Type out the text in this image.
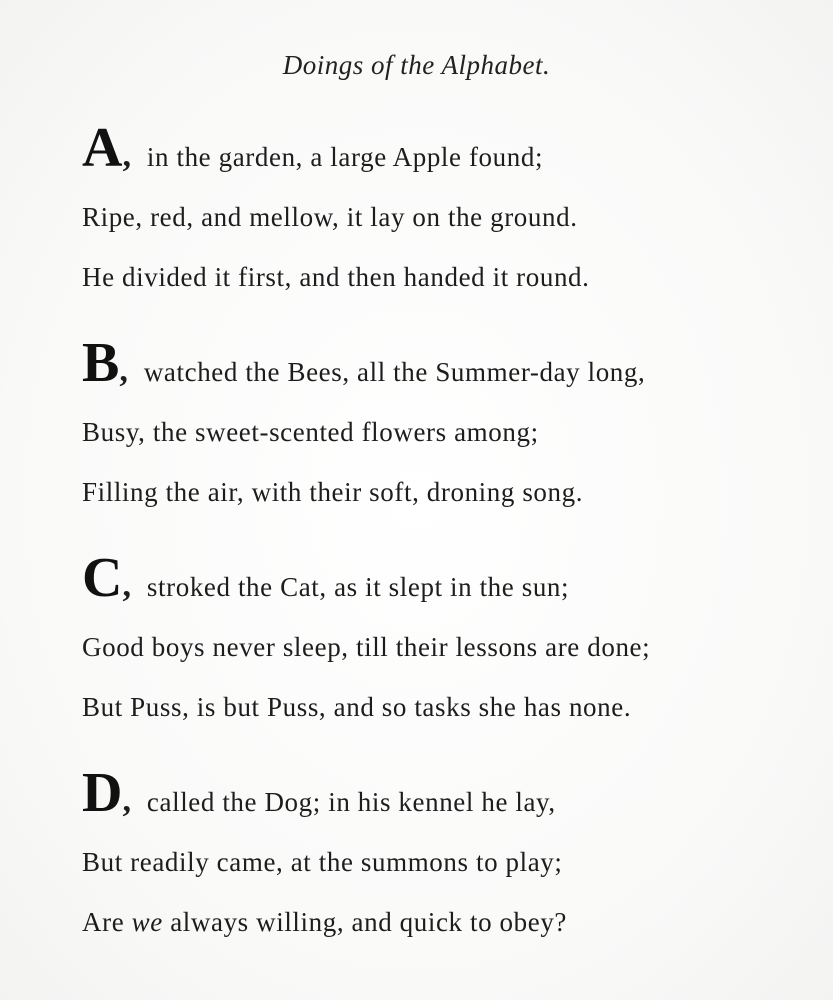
Doings of the Alphabet.
A, in the garden, a large Apple found;
Ripe, red, and mellow, it lay on the ground.
He divided it first, and then handed it round.
B, watched the Bees, all the Summer-day long,
Busy, the sweet-scented flowers among;
Filling the air, with their soft, droning song.
C, stroked the Cat, as it slept in the sun;
Good boys never sleep, till their lessons are done;
But Puss, is but Puss, and so tasks she has none.
D, called the Dog; in his kennel he lay,
But readily came, at the summons to play;
Are we always willing, and quick to obey?
